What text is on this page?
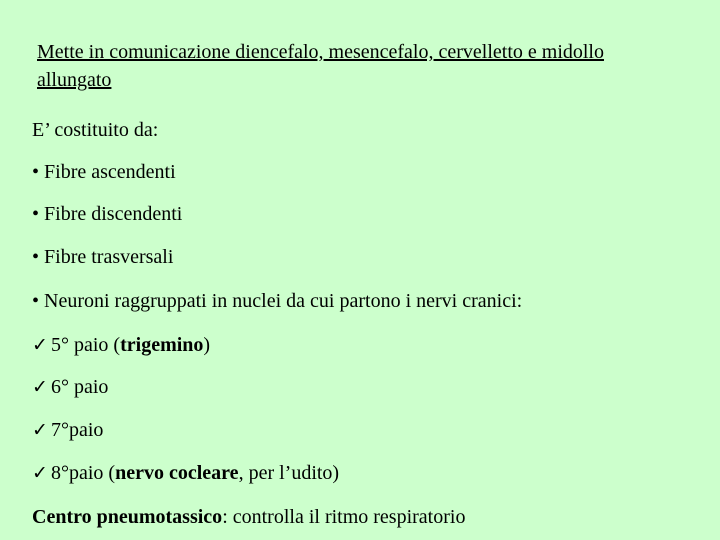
Mette in comunicazione diencefalo, mesencefalo, cervelletto e midollo allungato
E’ costituito da:
• Fibre ascendenti
• Fibre discendenti
• Fibre trasversali
• Neuroni raggruppati in nuclei da cui partono i nervi cranici:
✓ 5° paio (trigemino)
✓ 6° paio
✓ 7°paio
✓ 8°paio (nervo cocleare, per l’udito)
Centro pneumotassico: controlla il ritmo respiratorio
